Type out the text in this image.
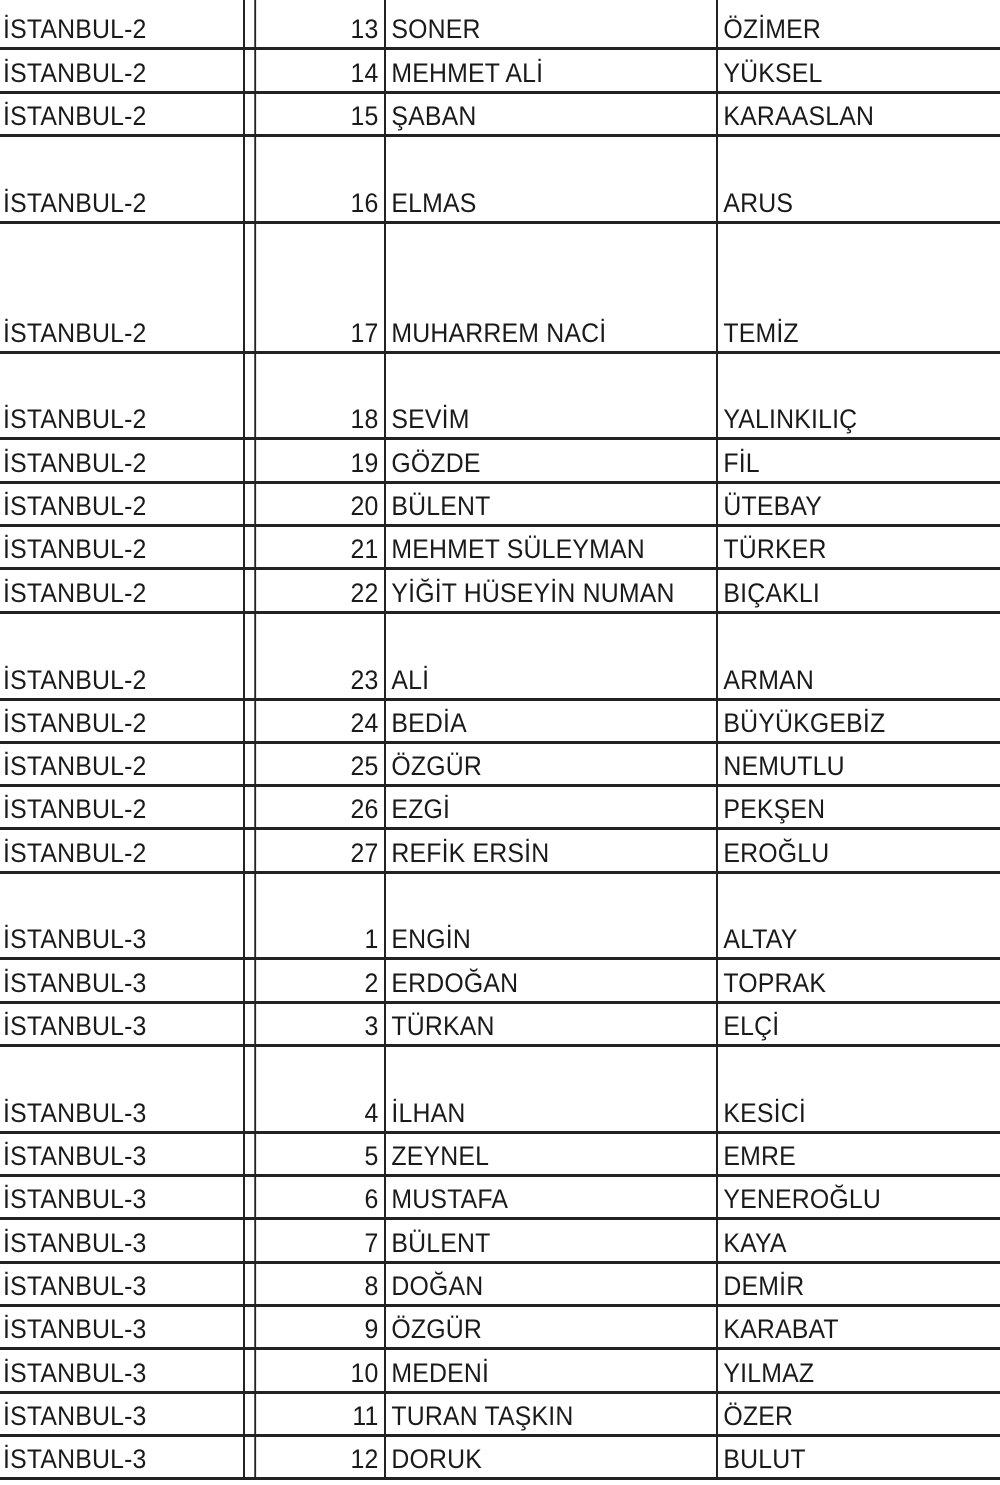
İSTANBUL-2	13 SONER	ÖZİMER
İSTANBUL-2	14 MEHMET ALİ	YÜKSEL
İSTANBUL-2	15 ŞABAN	KARAASLAN
İSTANBUL-2	16 ELMAS	ARUS
İSTANBUL-2	17 MUHARREM NACİ	TEMİZ
İSTANBUL-2	18 SEVİM	YALINKILIÇ
İSTANBUL-2	19 GÖZDE	FİL
İSTANBUL-2	20 BÜLENT	ÜTEBAY
İSTANBUL-2	21 MEHMET SÜLEYMAN	TÜRKER
İSTANBUL-2	22 YİĞİT HÜSEYİN NUMAN	BIÇAKLI
İSTANBUL-2	23 ALİ	ARMAN
İSTANBUL-2	24 BEDİA	BÜYÜKGEBİZ
İSTANBUL-2	25 ÖZGÜR	NEMUTLU
İSTANBUL-2	26 EZGİ	PEKŞEN
İSTANBUL-2	27 REFİK ERSİN	EROĞLU
İSTANBUL-3	1 ENGİN	ALTAY
İSTANBUL-3	2 ERDOĞAN	TOPRAK
İSTANBUL-3	3 TÜRKAN	ELÇİ
İSTANBUL-3	4 İLHAN	KESİCİ
İSTANBUL-3	5 ZEYNEL	EMRE
İSTANBUL-3	6 MUSTAFA	YENEROĞLU
İSTANBUL-3	7 BÜLENT	KAYA
İSTANBUL-3	8 DOĞAN	DEMİR
İSTANBUL-3	9 ÖZGÜR	KARABAT
İSTANBUL-3	10 MEDENİ	YILMAZ
İSTANBUL-3	11 TURAN TAŞKIN	ÖZER
İSTANBUL-3	12 DORUK	BULUT
